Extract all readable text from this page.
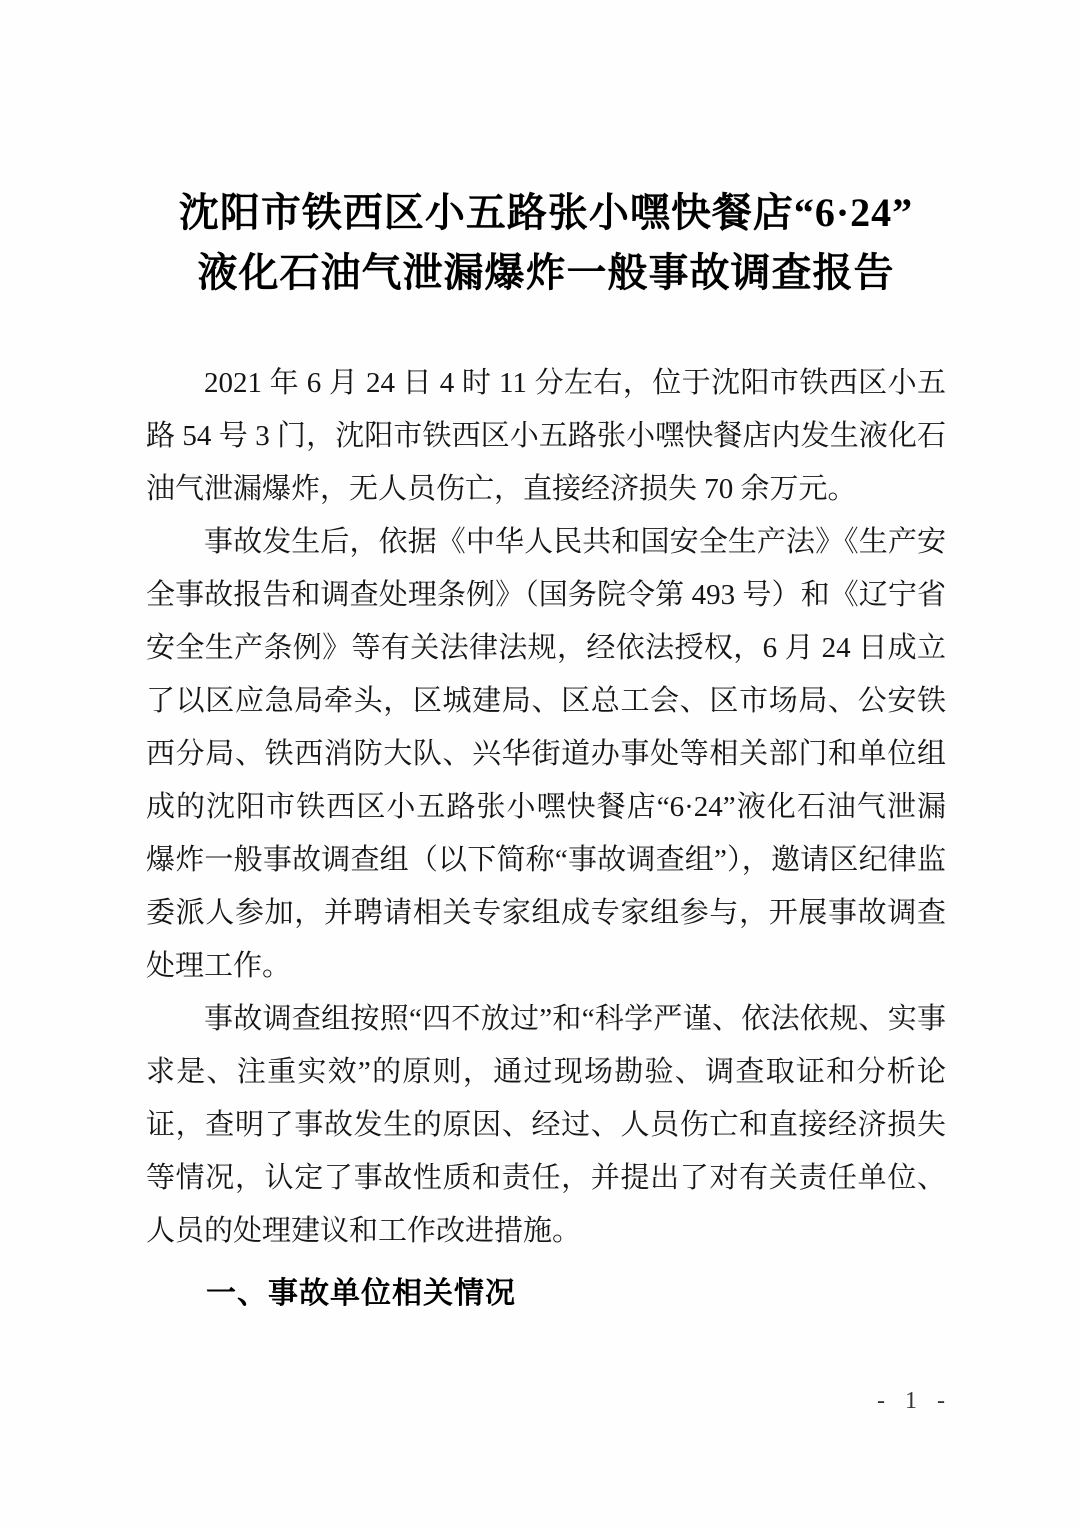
沈阳市铁西区小五路张小嘿快餐店“6·24”
液化石油气泄漏爆炸一般事故调查报告

2021 年 6 月 24 日 4 时 11 分左右，位于沈阳市铁西区小五路 54 号 3 门，沈阳市铁西区小五路张小嘿快餐店内发生液化石油气泄漏爆炸，无人员伤亡，直接经济损失 70 余万元。

事故发生后，依据《中华人民共和国安全生产法》《生产安全事故报告和调查处理条例》（国务院令第 493 号）和《辽宁省安全生产条例》等有关法律法规，经依法授权，6 月 24 日成立了以区应急局牵头，区城建局、区总工会、区市场局、公安铁西分局、铁西消防大队、兴华街道办事处等相关部门和单位组成的沈阳市铁西区小五路张小嘿快餐店“6·24”液化石油气泄漏爆炸一般事故调查组（以下简称“事故调查组”），邀请区纪律监委派人参加，并聘请相关专家组成专家组参与，开展事故调查处理工作。

事故调查组按照“四不放过”和“科学严谨、依法依规、实事求是、注重实效”的原则，通过现场勘验、调查取证和分析论证，查明了事故发生的原因、经过、人员伤亡和直接经济损失等情况，认定了事故性质和责任，并提出了对有关责任单位、人员的处理建议和工作改进措施。

一、事故单位相关情况
- 1 -
